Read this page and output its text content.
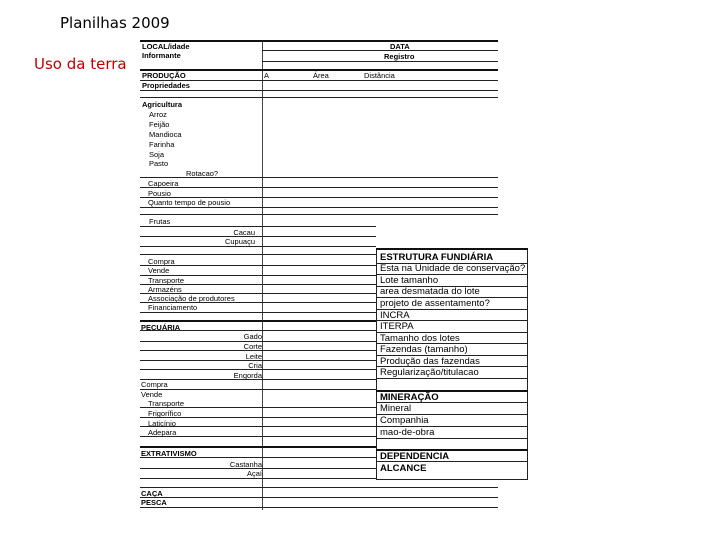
Planilhas 2009
Uso da terra
LOCAL/idade	DATA
Informante	Registro
PRODUÇÃO	A	Área	Distância
Propriedades
Agricultura
Arroz
Feijão
Mandioca
Farinha
Soja
Pasto
Rotacao?
Capoeira
Pousio
Quanto tempo de pousio
Frutas
Cacau
Cupuaçu
Compra
Vende
Transporte
Armazéns
Associação de produtores
Financiamento
PECUÁRIA
Gado
Corte
Leite
Cria
Engorda
Compra
Vende
Transporte
Frigorífico
Laticínio
Adepara
EXTRATIVISMO
Castanha
Açaí
CAÇA
PESCA
ESTRUTURA FUNDIÁRIA
Esta na Unidade de conservação?
Lote tamanho
area desmatada do lote
projeto de assentamento?
INCRA
ITERPA
Tamanho dos lotes
Fazendas (tamanho)
Produção das fazendas
Regularização/titulacao
MINERAÇÃO
Mineral
Companhia
mao-de-obra
DEPENDENCIA
ALCANCE
